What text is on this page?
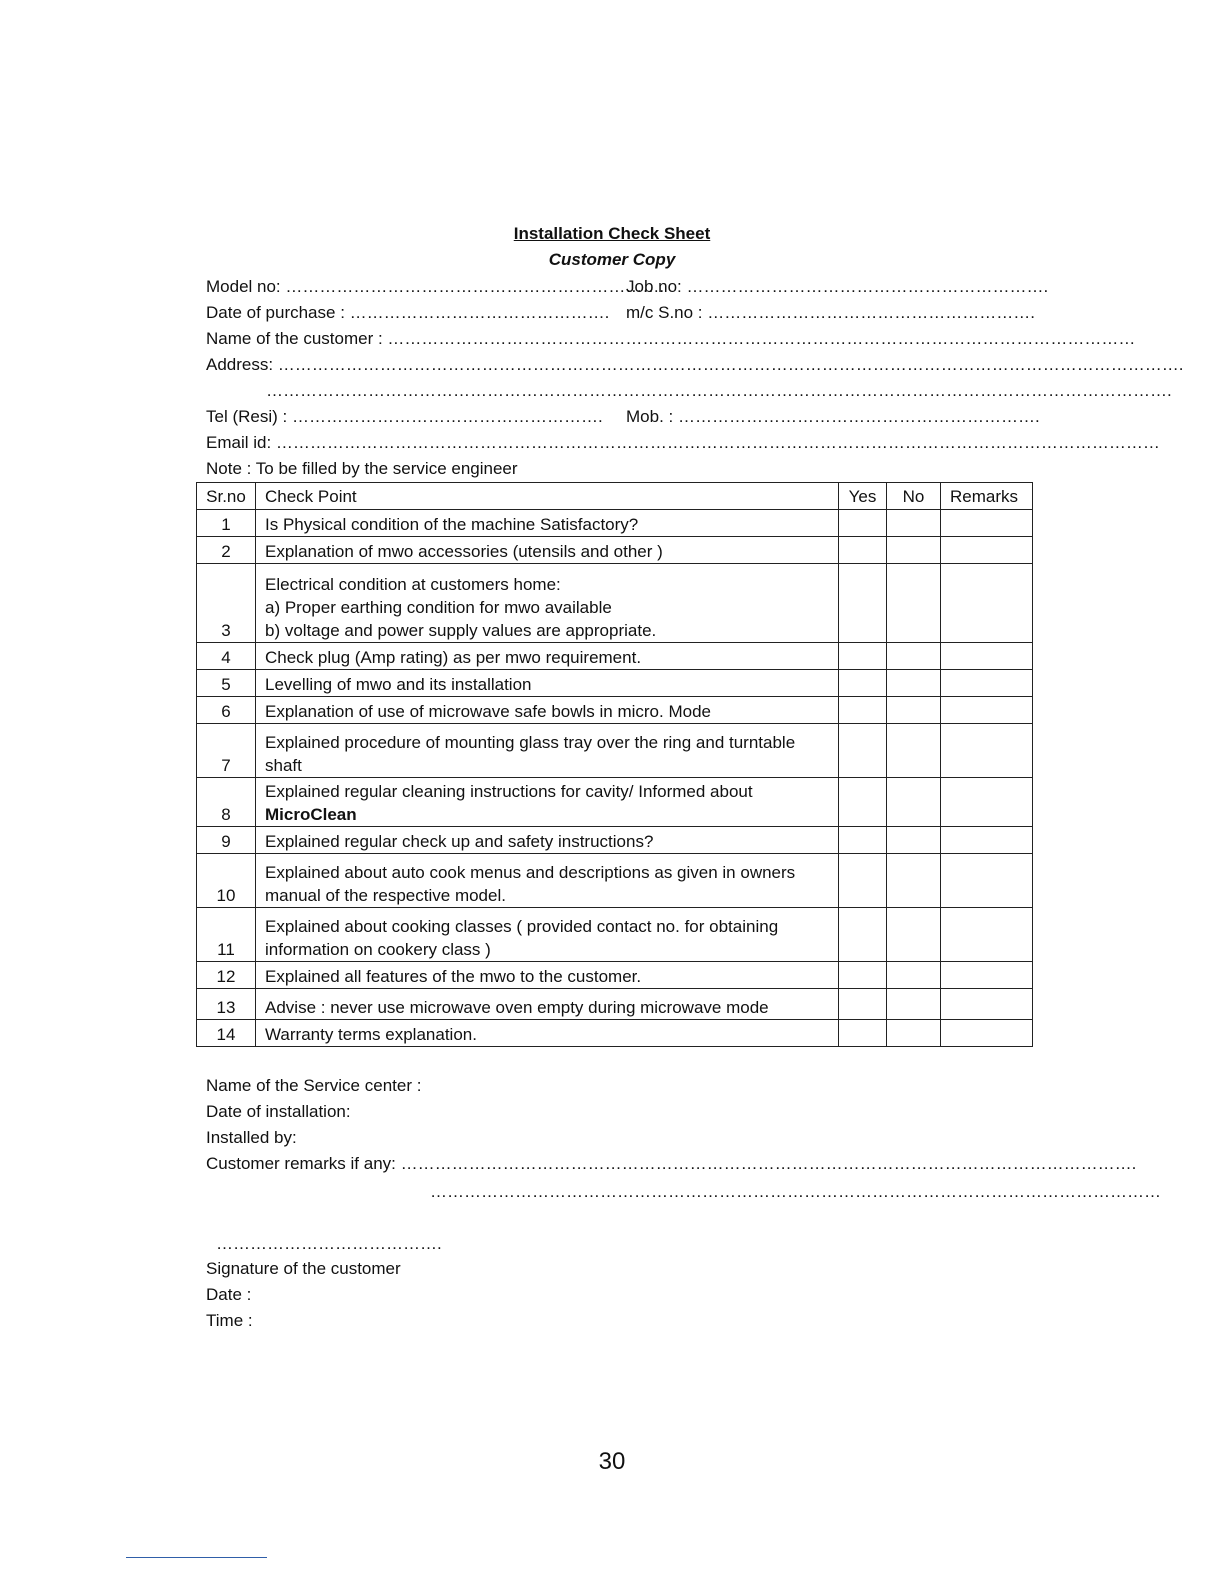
Installation Check Sheet
Customer Copy
Model no: ………………………………………………………….
Job no: ……………………………………………………….
Date of purchase : ………………………………………. m/c S.no : ………………………………………………….
Name of the customer : ……………………………………………………………………………………………………………………
Address: …………………………………………………………………………………………………………………………………………….
…………………………………………………………………………………………………………………………………………….
Tel (Resi) : ………………………………………………. Mob. : ……………………………………………………….
Email id: …………………………………………………………………………………………………………………………………………
Note : To be filled by the service engineer
Sr.no	Check Point	Yes	No	Remarks
1	Is Physical condition of the machine Satisfactory?			

2	Explanation of mwo accessories (utensils and other )			

3	Electrical condition at customers home:
a) Proper earthing condition for mwo available
b) voltage and power supply values are appropriate.			

4	Check plug (Amp rating) as per mwo requirement.			

5	Levelling of mwo and its installation			

6	Explanation of use of microwave safe bowls in micro. Mode			

7	Explained procedure of mounting glass tray over the ring and turntable
shaft			

8	Explained regular cleaning instructions for cavity/ Informed about
MicroClean			

9	Explained regular check up and safety instructions?			

10	Explained about auto cook menus and descriptions as given in owners
manual of the respective model.			

11	Explained about cooking classes ( provided contact no. for obtaining
information on cookery class )			

12	Explained all features of the mwo to the customer.			

13	Advise : never use microwave oven empty during microwave mode			

14	Warranty terms explanation.			

Name of the Service center :
Date of installation:
Installed by:
Customer remarks if any: ………………………………………………………………………………………………………………….
…………………………………………………………………………………………………………………
………………………………….
Signature of the customer
Date :
Time :
30
